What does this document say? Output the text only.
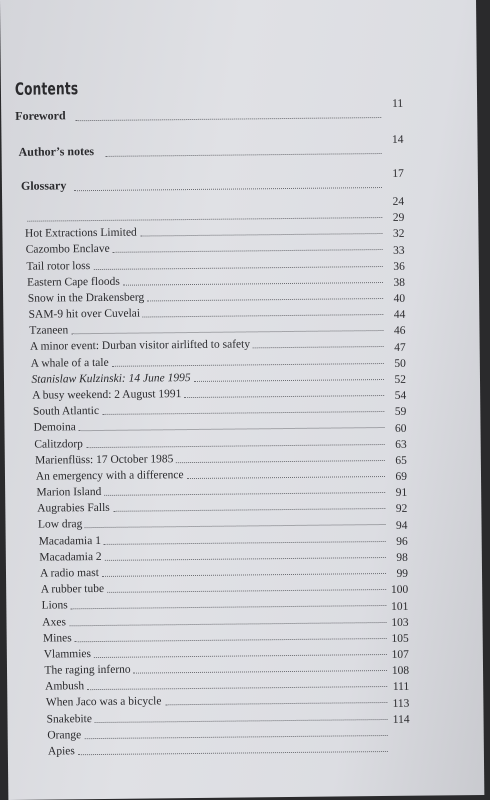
Contents
Foreword
11
Author’s notes
14
Glossary
17
24
Hot Extractions Limited
29
Cazombo Enclave
32
Tail rotor loss
33
Eastern Cape floods
36
Snow in the Drakensberg
38
SAM-9 hit over Cuvelai
40
Tzaneen
44
A minor event: Durban visitor airlifted to safety
46
A whale of a tale
47
Stanislaw Kulzinski: 14 June 1995
50
A busy weekend: 2 August 1991
52
South Atlantic
54
Demoina
59
Calitzdorp
60
Marienflüss: 17 October 1985
63
An emergency with a difference
65
Marion Island
69
Augrabies Falls
91
Low drag
92
Macadamia 1
94
Macadamia 2
96
A radio mast
98
A rubber tube
99
Lions
100
Axes
101
Mines
103
Vlammies
105
The raging inferno
107
Ambush
108
When Jaco was a bicycle
111
Snakebite
113
Orange
114
Apies
